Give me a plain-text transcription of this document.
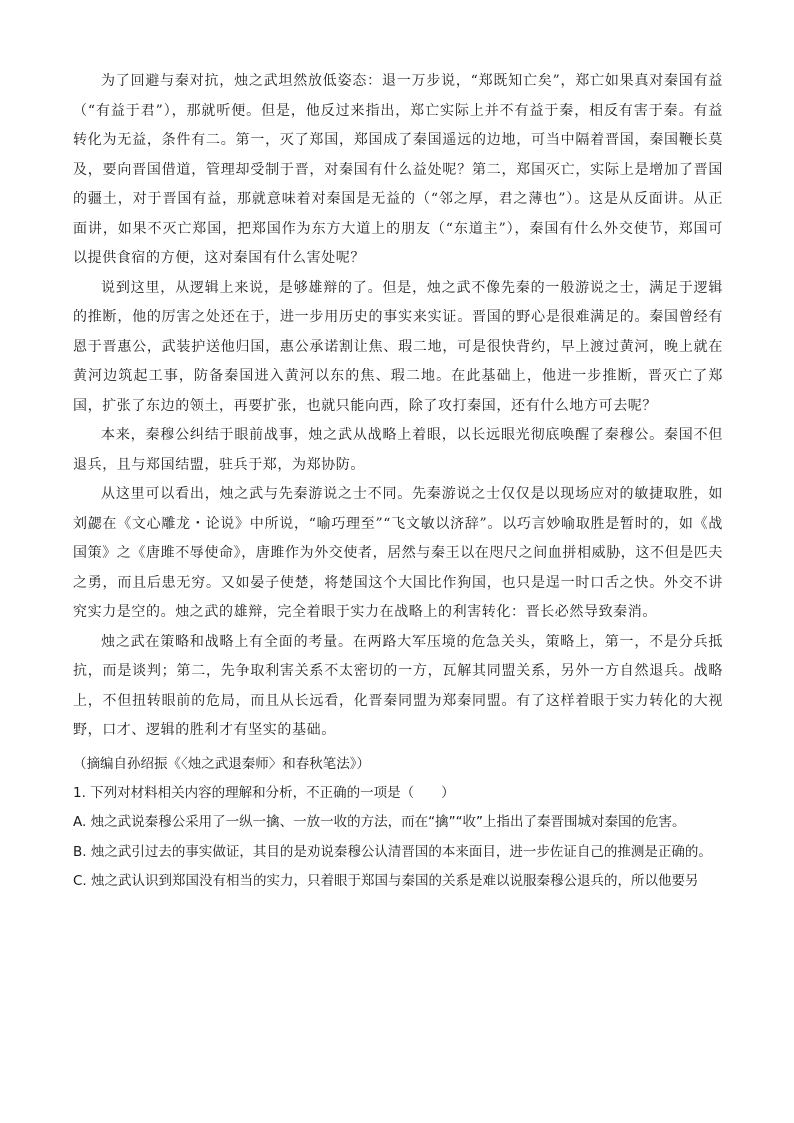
为了回避与秦对抗，烛之武坦然放低姿态：退一万步说，“郑既知亡矣”，郑亡如果真对秦国有益（“有益于君”），那就听便。但是，他反过来指出，郑亡实际上并不有益于秦，相反有害于秦。有益转化为无益，条件有二。第一，灭了郑国，郑国成了秦国遥远的边地，可当中隔着晋国，秦国鞭长莫及，要向晋国借道，管理却受制于晋，对秦国有什么益处呢？第二，郑国灭亡，实际上是增加了晋国的疆土，对于晋国有益，那就意味着对秦国是无益的（“邻之厚，君之薄也”）。这是从反面讲。从正面讲，如果不灭亡郑国，把郑国作为东方大道上的朋友（“东道主”），秦国有什么外交使节，郑国可以提供食宿的方便，这对秦国有什么害处呢？

说到这里，从逻辑上来说，是够雄辩的了。但是，烛之武不像先秦的一般游说之士，满足于逻辑的推断，他的厉害之处还在于，进一步用历史的事实来实证。晋国的野心是很难满足的。秦国曾经有恩于晋惠公，武装护送他归国，惠公承诺割让焦、瑕二地，可是很快背约，早上渡过黄河，晚上就在黄河边筑起工事，防备秦国进入黄河以东的焦、瑕二地。在此基础上，他进一步推断，晋灭亡了郑国，扩张了东边的领土，再要扩张，也就只能向西，除了攻打秦国，还有什么地方可去呢？

本来，秦穆公纠结于眼前战事，烛之武从战略上着眼，以长远眼光彻底唤醒了秦穆公。秦国不但退兵，且与郑国结盟，驻兵于郑，为郑协防。

从这里可以看出，烛之武与先秦游说之士不同。先秦游说之士仅仅是以现场应对的敏捷取胜，如刘勰在《文心雕龙・论说》中所说，“喻巧理至”“飞文敏以济辞”。以巧言妙喻取胜是暂时的，如《战国策》之《唐雎不辱使命》，唐雎作为外交使者，居然与秦王以在咫尺之间血拼相威胁，这不但是匹夫之勇，而且后患无穷。又如晏子使楚，将楚国这个大国比作狗国，也只是逞一时口舌之快。外交不讲究实力是空的。烛之武的雄辩，完全着眼于实力在战略上的利害转化：晋长必然导致秦消。

烛之武在策略和战略上有全面的考量。在两路大军压境的危急关头，策略上，第一，不是分兵抵抗，而是谈判；第二，先争取利害关系不太密切的一方，瓦解其同盟关系，另外一方自然退兵。战略上，不但扭转眼前的危局，而且从长远看，化晋秦同盟为郑秦同盟。有了这样着眼于实力转化的大视野，口才、逻辑的胜利才有坚实的基础。

（摘编自孙绍振《〈烛之武退秦师〉和春秋笔法》）

1. 下列对材料相关内容的理解和分析，不正确的一项是（　　）

A. 烛之武说秦穆公采用了一纵一擒、一放一收的方法，而在“擒”“收”上指出了秦晋围城对秦国的危害。

B. 烛之武引过去的事实做证，其目的是劝说秦穆公认清晋国的本来面目，进一步佐证自己的推测是正确的。

C. 烛之武认识到郑国没有相当的实力，只着眼于郑国与秦国的关系是难以说服秦穆公退兵的，所以他要另
